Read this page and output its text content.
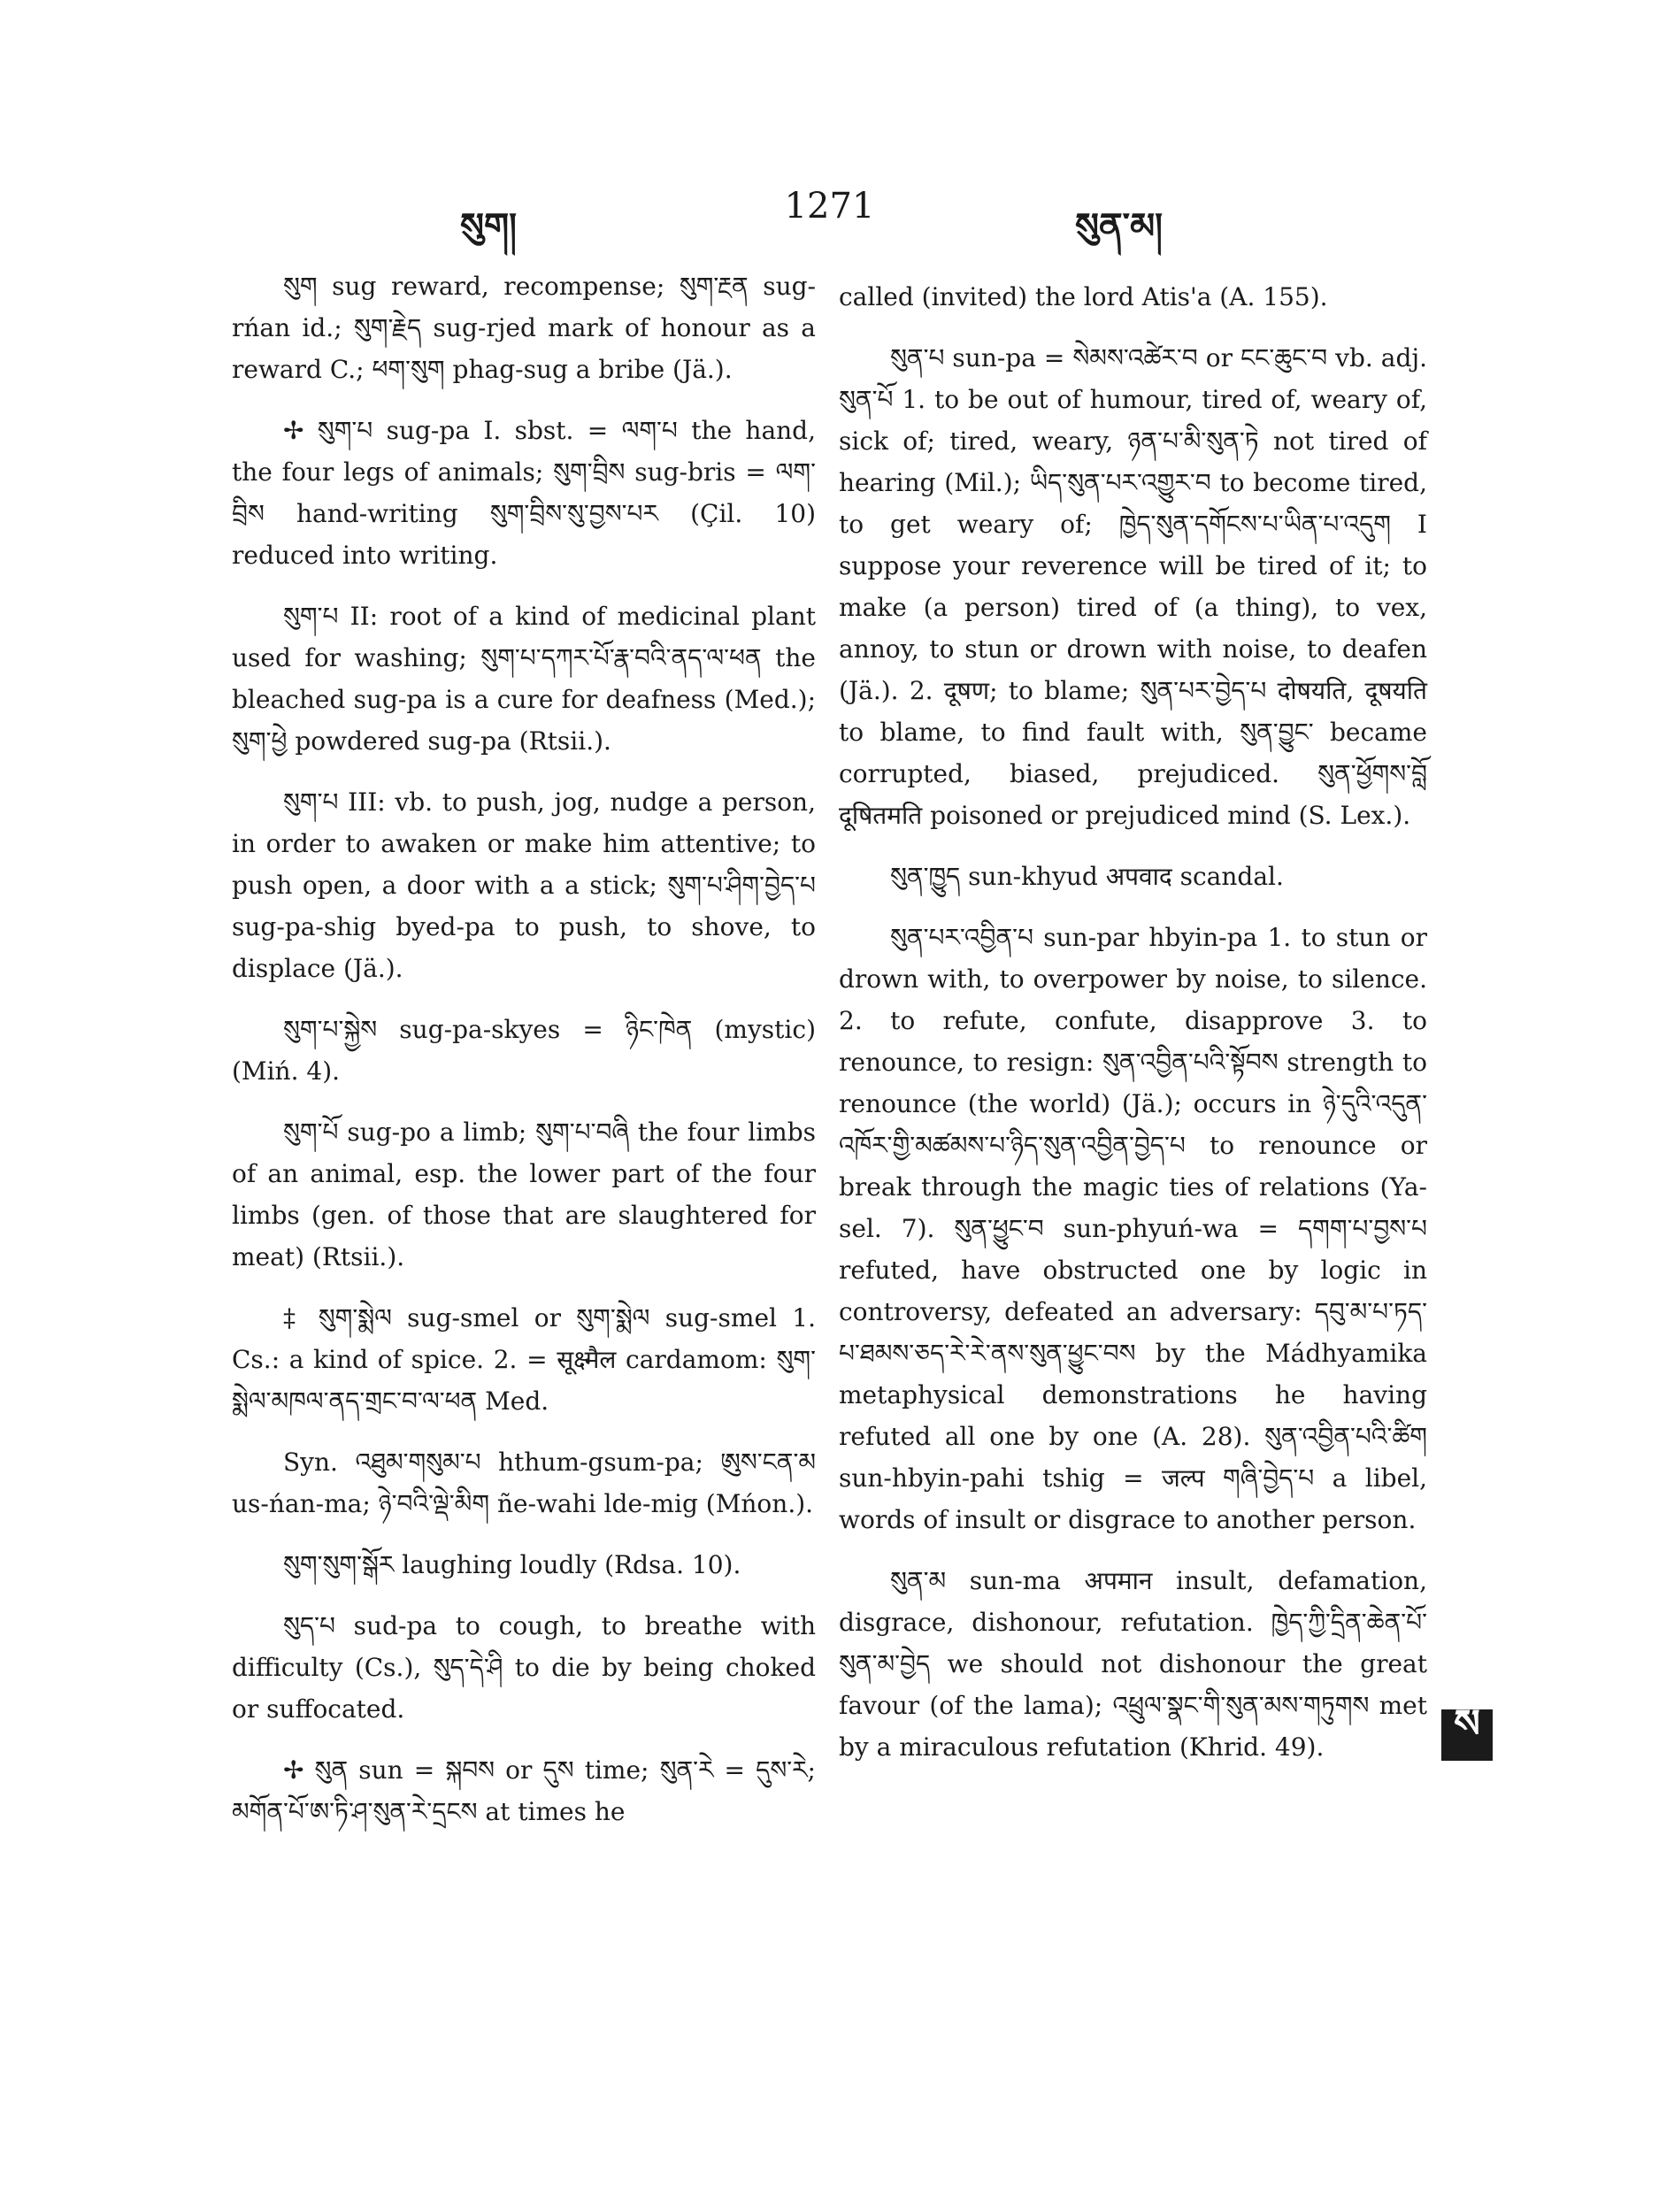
སུག།	1271	སུན་མ།

སུག sug reward, recompense; སུག་རྔན sug-rńan id.; སུག་རྗེད sug-rjed mark of honour as a reward C.; ཕག་སུག phag-sug a bribe (Jä.).

✢ སུག་པ sug-pa I. sbst. = ལག་པ the hand, the four legs of animals; སུག་བྲིས sug-bris = ལག་བྲིས hand-writing སུག་བྲིས་སུ་བྱས་པར (Çil. 10) reduced into writing.

སུག་པ II: root of a kind of medicinal plant used for washing; སུག་པ་དཀར་པོ་རྣ་བའི་ནད་ལ་ཕན the bleached sug-pa is a cure for deafness (Med.); སུག་ཕྱེ powdered sug-pa (Rtsii.).

སུག་པ III: vb. to push, jog, nudge a person, in order to awaken or make him attentive; to push open, a door with a a stick; སུག་པ་ཤིག་བྱེད་པ sug-pa-shig byed-pa to push, to shove, to displace (Jä.).

སུག་པ་སྐྱེས sug-pa-skyes = ཉིང་ཁེན (mystic) (Miń. 4).

སུག་པོ sug-po a limb; སུག་པ་བཞི the four limbs of an animal, esp. the lower part of the four limbs (gen. of those that are slaughtered for meat) (Rtsii.).

‡ སུག་སྨེལ sug-smel or སུག་སྨེལ sug-smel 1. Cs.: a kind of spice. 2. = सूक्ष्मैल cardamom: སུག་སྨེལ་མཁལ་ནད་གྲང་བ་ལ་ཕན Med.

Syn. འཐུམ་གསུམ་པ hthum-gsum-pa; ཨུས་ངན་མ us-ńan-ma; ཉེ་བའི་ལྡེ་མིག ñe-wahi lde-mig (Mńon.).

སུག་སུག་སྒོར laughing loudly (Rdsa. 10).

སུད་པ sud-pa to cough, to breathe with difficulty (Cs.), སུད་དེ་ཤི to die by being choked or suffocated.

✢ སུན sun = སྐབས or དུས time; སུན་རེ = དུས་རེ; མགོན་པོ་ཨ་ཏི་ཤ་སུན་རེ་དྲངས at times he

called (invited) the lord Atis'a (A. 155).

སུན་པ sun-pa = སེམས་འཚེར་བ or ངང་ཆུང་བ vb. adj. སུན་པོ 1. to be out of humour, tired of, weary of, sick of; tired, weary, ཉན་པ་མི་སུན་ཏེ not tired of hearing (Mil.); ཡིད་སུན་པར་འགྱུར་བ to become tired, to get weary of; ཁྱེད་སུན་དགོངས་པ་ཡིན་པ་འདུག I suppose your reverence will be tired of it; to make (a person) tired of (a thing), to vex, annoy, to stun or drown with noise, to deafen (Jä.). 2. दूषण; to blame; སུན་པར་བྱེད་པ दोषयति, दूषयति to blame, to find fault with, སུན་བྱུང་ became corrupted, biased, prejudiced. སུན་ཕྱོགས་བློ दूषितमति poisoned or prejudiced mind (S. Lex.).

སུན་ཁྱུད sun-khyud अपवाद scandal.

སུན་པར་འབྱིན་པ sun-par hbyin-pa 1. to stun or drown with, to overpower by noise, to silence. 2. to refute, confute, disapprove 3. to renounce, to resign: སུན་འབྱིན་པའི་སྟོབས strength to renounce (the world) (Jä.); occurs in ཉེ་དུའི་འདུན་འཁོར་གྱི་མཚམས་པ་ཉིད་སུན་འབྱིན་བྱེད་པ to renounce or break through the magic ties of relations (Ya-sel. 7). སུན་ཕྱུང་བ sun-phyuń-wa = དགག་པ་བྱས་པ refuted, have obstructed one by logic in controversy, defeated an adversary: དབུ་མ་པ་ཏད་པ་ཐམས་ཅད་རེ་རེ་ནས་སུན་ཕྱུང་བས by the Mádhyamika metaphysical demonstrations he having refuted all one by one (A. 28). སུན་འབྱིན་པའི་ཚིག sun-hbyin-pahi tshig = जल्प གཞི་བྱེད་པ a libel, words of insult or disgrace to another person.

སུན་མ sun-ma अपमान insult, defamation, disgrace, dishonour, refutation. ཁྱེད་ཀྱི་དྲིན་ཆེན་པོ་སུན་མ་བྱེད we should not dishonour the great favour (of the lama); འཕྲུལ་སྣང་གི་སུན་མས་གཏུགས met by a miraculous refutation (Khrid. 49).

ས
